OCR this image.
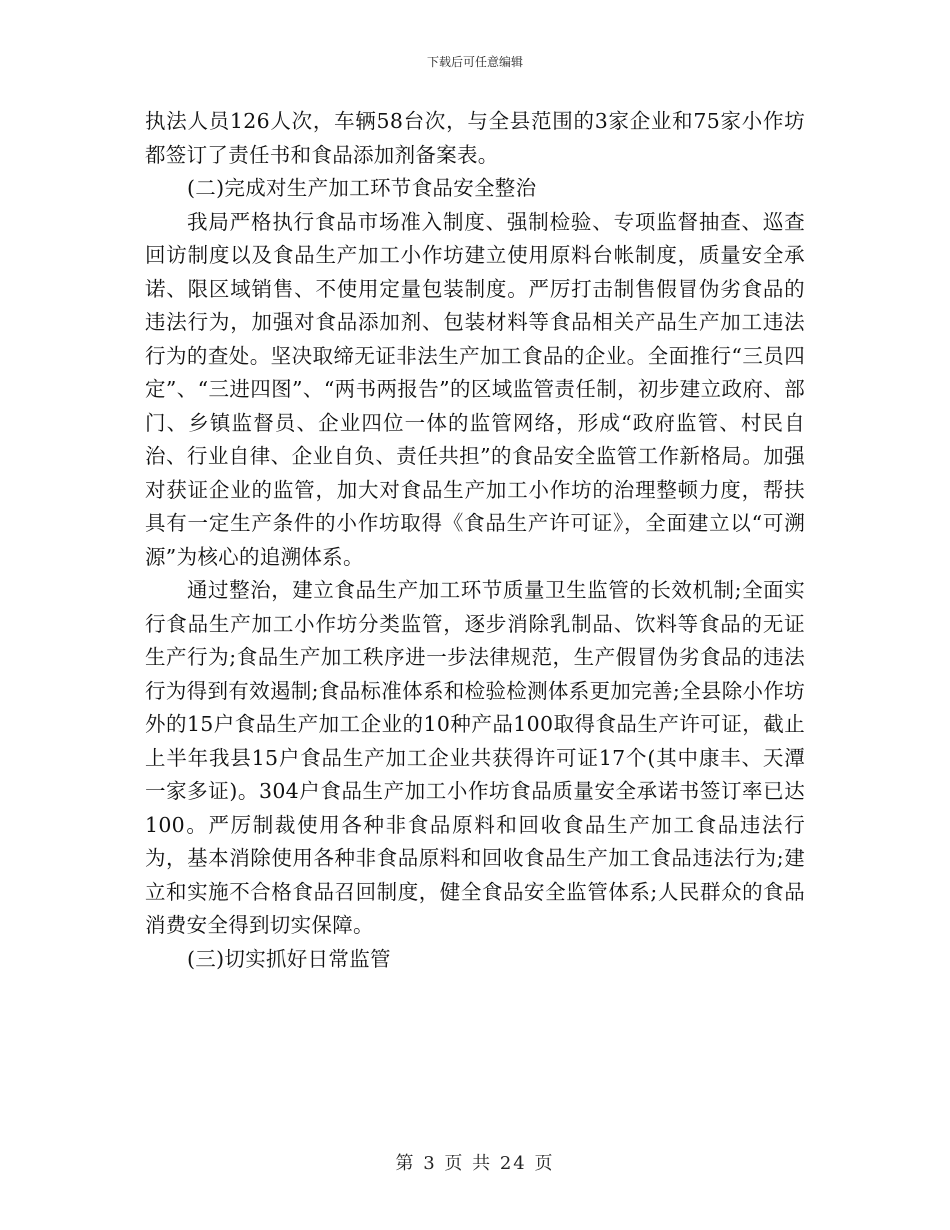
下载后可任意编辑

执法人员126人次，车辆58台次，与全县范围的3家企业和75家小作坊都签订了责任书和食品添加剂备案表。

(二)完成对生产加工环节食品安全整治

我局严格执行食品市场准入制度、强制检验、专项监督抽查、巡查回访制度以及食品生产加工小作坊建立使用原料台帐制度，质量安全承诺、限区域销售、不使用定量包装制度。严厉打击制售假冒伪劣食品的违法行为，加强对食品添加剂、包装材料等食品相关产品生产加工违法行为的查处。坚决取缔无证非法生产加工食品的企业。全面推行“三员四定”、“三进四图”、“两书两报告”的区域监管责任制，初步建立政府、部门、乡镇监督员、企业四位一体的监管网络，形成“政府监管、村民自治、行业自律、企业自负、责任共担”的食品安全监管工作新格局。加强对获证企业的监管，加大对食品生产加工小作坊的治理整顿力度，帮扶具有一定生产条件的小作坊取得《食品生产许可证》，全面建立以“可溯源”为核心的追溯体系。

通过整治，建立食品生产加工环节质量卫生监管的长效机制;全面实行食品生产加工小作坊分类监管，逐步消除乳制品、饮料等食品的无证生产行为;食品生产加工秩序进一步法律规范，生产假冒伪劣食品的违法行为得到有效遏制;食品标准体系和检验检测体系更加完善;全县除小作坊外的15户食品生产加工企业的10种产品100取得食品生产许可证，截止上半年我县15户食品生产加工企业共获得许可证17个(其中康丰、天潭一家多证)。304户食品生产加工小作坊食品质量安全承诺书签订率已达100。严厉制裁使用各种非食品原料和回收食品生产加工食品违法行为，基本消除使用各种非食品原料和回收食品生产加工食品违法行为;建立和实施不合格食品召回制度，健全食品安全监管体系;人民群众的食品消费安全得到切实保障。

(三)切实抓好日常监管

第 3 页 共 24 页
